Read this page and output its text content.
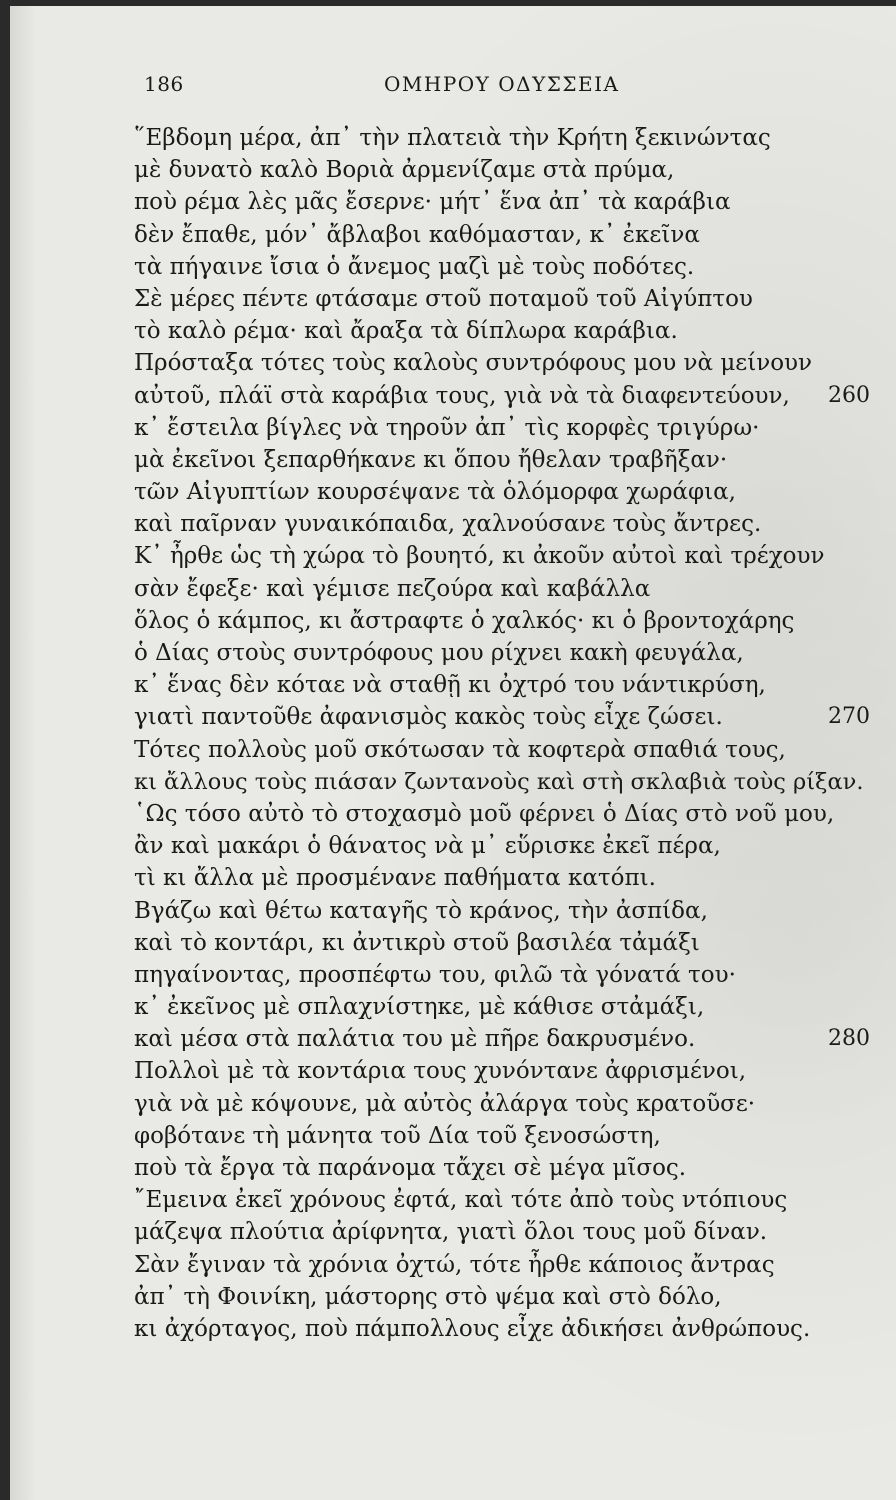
186	ΟΜΗΡΟΥ ΟΔΥΣΣΕΙΑ
῞Εβδομη μέρα, ἀπ᾽ τὴν πλατειὰ τὴν Κρήτη ξεκινώντας
μὲ δυνατὸ καλὸ Βοριὰ ἀρμενίζαμε στὰ πρύμα,
ποὺ ρέμα λὲς μᾶς ἔσερνε· μήτ᾽ ἕνα ἀπ᾽ τὰ καράβια
δὲν ἔπαθε, μόν᾽ ἄβλαβοι καθόμασταν, κ᾽ ἐκεῖνα
τὰ πήγαινε ἴσια ὁ ἄνεμος μαζὶ μὲ τοὺς ποδότες.
Σὲ μέρες πέντε φτάσαμε στοῦ ποταμοῦ τοῦ Αἰγύπτου
τὸ καλὸ ρέμα· καὶ ἄραξα τὰ δίπλωρα καράβια.
Πρόσταξα τότες τοὺς καλοὺς συντρόφους μου νὰ μείνουν
αὐτοῦ, πλάϊ στὰ καράβια τους, γιὰ νὰ τὰ διαφεντεύουν, 260
κ᾽ ἔστειλα βίγλες νὰ τηροῦν ἀπ᾽ τὶς κορφὲς τριγύρω·
μὰ ἐκεῖνοι ξεπαρθήκανε κι ὅπου ἤθελαν τραβῆξαν·
τῶν Αἰγυπτίων κουρσέψανε τὰ ὁλόμορφα χωράφια,
καὶ παῖρναν γυναικόπαιδα, χαλνούσανε τοὺς ἄντρες.
Κ᾽ ἦρθε ὡς τὴ χώρα τὸ βουητό, κι ἀκοῦν αὐτοὶ καὶ τρέχουν
σὰν ἔφεξε· καὶ γέμισε πεζούρα καὶ καβάλλα
ὅλος ὁ κάμπος, κι ἄστραφτε ὁ χαλκός· κι ὁ βροντοχάρης
ὁ Δίας στοὺς συντρόφους μου ρίχνει κακὴ φευγάλα,
κ᾽ ἕνας δὲν κόταε νὰ σταθῇ κι ὀχτρό του νάντικρύση,
γιατὶ παντοῦθε ἀφανισμὸς κακὸς τοὺς εἶχε ζώσει.	270
Τότες πολλοὺς μοῦ σκότωσαν τὰ κοφτερὰ σπαθιά τους,
κι ἄλλους τοὺς πιάσαν ζωντανοὺς καὶ στὴ σκλαβιὰ τοὺς ρίξαν.
῾Ως τόσο αὐτὸ τὸ στοχασμὸ μοῦ φέρνει ὁ Δίας στὸ νοῦ μου,
ἂν καὶ μακάρι ὁ θάνατος νὰ μ᾽ εὕρισκε ἐκεῖ πέρα,
τὶ κι ἄλλα μὲ προσμένανε παθήματα κατόπι.
Βγάζω καὶ θέτω καταγῆς τὸ κράνος, τὴν ἀσπίδα,
καὶ τὸ κοντάρι, κι ἀντικρὺ στοῦ βασιλέα τἀμάξι
πηγαίνοντας, προσπέφτω του, φιλῶ τὰ γόνατά του·
κ᾽ ἐκεῖνος μὲ σπλαχνίστηκε, μὲ κάθισε στἀμάξι,
καὶ μέσα στὰ παλάτια του μὲ πῆρε δακρυσμένο.	280
Πολλοὶ μὲ τὰ κοντάρια τους χυνόντανε ἀφρισμένοι,
γιὰ νὰ μὲ κόψουνε, μὰ αὐτὸς ἀλάργα τοὺς κρατοῦσε·
φοβότανε τὴ μάνητα τοῦ Δία τοῦ ξενοσώστη,
ποὺ τὰ ἔργα τὰ παράνομα τἄχει σὲ μέγα μῖσος.
῎Εμεινα ἐκεῖ χρόνους ἐφτά, καὶ τότε ἀπὸ τοὺς ντόπιους
μάζεψα πλούτια ἀρίφνητα, γιατὶ ὅλοι τους μοῦ δίναν.
Σὰν ἔγιναν τὰ χρόνια ὀχτώ, τότε ἦρθε κάποιος ἄντρας
ἀπ᾽ τὴ Φοινίκη, μάστορης στὸ ψέμα καὶ στὸ δόλο,
κι ἀχόρταγος, ποὺ πάμπολλους εἶχε ἀδικήσει ἀνθρώπους.
